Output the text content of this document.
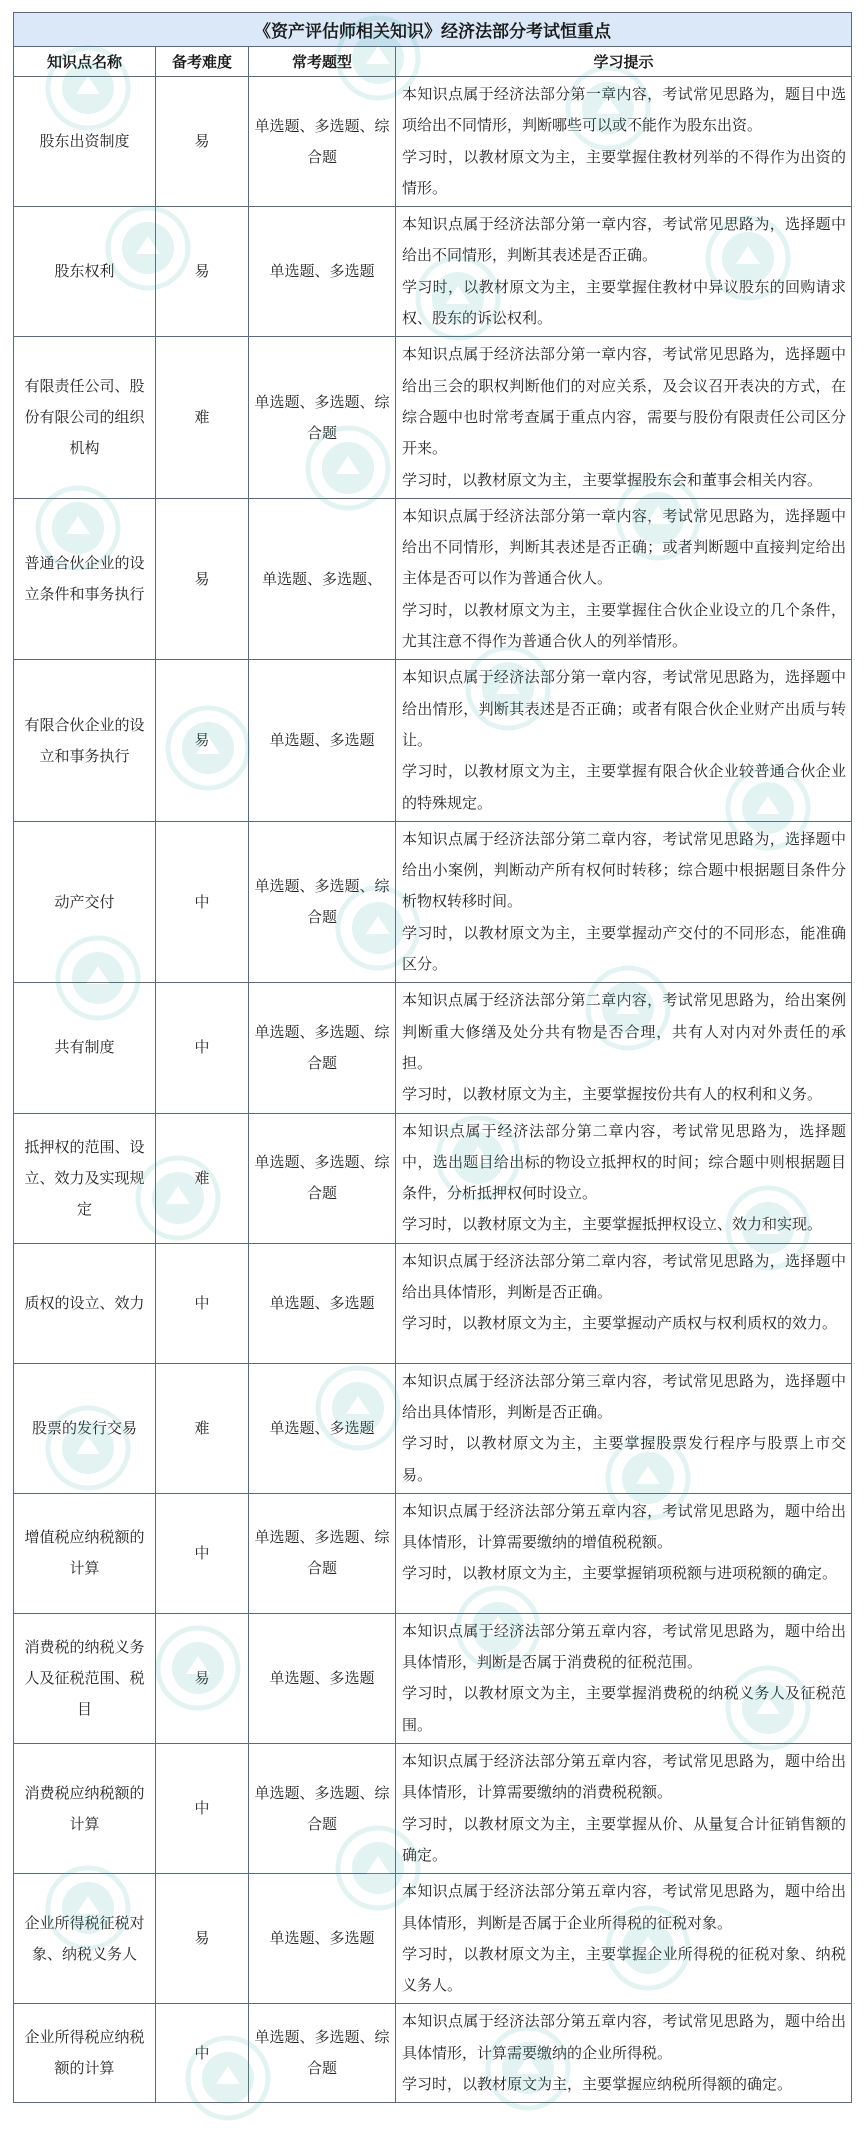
《资产评估师相关知识》经济法部分考试恒重点			
知识点名称	备考难度	常考题型	学习提示
股东出资制度	易	单选题、多选题、综合题	本知识点属于经济法部分第一章内容，考试常见思路为，题目中选项给出不同情形，判断哪些可以或不能作为股东出资。

学习时，以教材原文为主，主要掌握住教材列举的不得作为出资的情形。

股东权利	易	单选题、多选题	本知识点属于经济法部分第一章内容，考试常见思路为，选择题中给出不同情形，判断其表述是否正确。

学习时，以教材原文为主，主要掌握住教材中异议股东的回购请求权、股东的诉讼权利。

有限责任公司、股份有限公司的组织机构	难	单选题、多选题、综合题	本知识点属于经济法部分第一章内容，考试常见思路为，选择题中给出三会的职权判断他们的对应关系，及会议召开表决的方式，在综合题中也时常考查属于重点内容，需要与股份有限责任公司区分开来。

学习时，以教材原文为主，主要掌握股东会和董事会相关内容。

普通合伙企业的设立条件和事务执行	易	单选题、多选题、	本知识点属于经济法部分第一章内容，考试常见思路为，选择题中给出不同情形，判断其表述是否正确；或者判断题中直接判定给出主体是否可以作为普通合伙人。

学习时，以教材原文为主，主要掌握住合伙企业设立的几个条件，尤其注意不得作为普通合伙人的列举情形。

有限合伙企业的设立和事务执行	易	单选题、多选题	本知识点属于经济法部分第一章内容，考试常见思路为，选择题中给出情形，判断其表述是否正确；或者有限合伙企业财产出质与转让。

学习时，以教材原文为主，主要掌握有限合伙企业较普通合伙企业的特殊规定。

动产交付	中	单选题、多选题、综合题	本知识点属于经济法部分第二章内容，考试常见思路为，选择题中给出小案例，判断动产所有权何时转移；综合题中根据题目条件分析物权转移时间。

学习时，以教材原文为主，主要掌握动产交付的不同形态，能准确区分。

共有制度	中	单选题、多选题、综合题	本知识点属于经济法部分第二章内容，考试常见思路为，给出案例判断重大修缮及处分共有物是否合理，共有人对内对外责任的承担。

学习时，以教材原文为主，主要掌握按份共有人的权利和义务。

抵押权的范围、设立、效力及实现规定	难	单选题、多选题、综合题	本知识点属于经济法部分第二章内容，考试常见思路为，选择题中，选出题目给出标的物设立抵押权的时间；综合题中则根据题目条件，分析抵押权何时设立。

学习时，以教材原文为主，主要掌握抵押权设立、效力和实现。

质权的设立、效力	中	单选题、多选题	本知识点属于经济法部分第二章内容，考试常见思路为，选择题中给出具体情形，判断是否正确。

学习时，以教材原文为主，主要掌握动产质权与权利质权的效力。

股票的发行交易	难	单选题、多选题	本知识点属于经济法部分第三章内容，考试常见思路为，选择题中给出具体情形，判断是否正确。

学习时，以教材原文为主，主要掌握股票发行程序与股票上市交易。

增值税应纳税额的计算	中	单选题、多选题、综合题	本知识点属于经济法部分第五章内容，考试常见思路为，题中给出具体情形，计算需要缴纳的增值税税额。

学习时，以教材原文为主，主要掌握销项税额与进项税额的确定。

消费税的纳税义务人及征税范围、税目	易	单选题、多选题	本知识点属于经济法部分第五章内容，考试常见思路为，题中给出具体情形，判断是否属于消费税的征税范围。

学习时，以教材原文为主，主要掌握消费税的纳税义务人及征税范围。

消费税应纳税额的计算	中	单选题、多选题、综合题	本知识点属于经济法部分第五章内容，考试常见思路为，题中给出具体情形，计算需要缴纳的消费税税额。

学习时，以教材原文为主，主要掌握从价、从量复合计征销售额的确定。

企业所得税征税对象、纳税义务人	易	单选题、多选题	本知识点属于经济法部分第五章内容，考试常见思路为，题中给出具体情形，判断是否属于企业所得税的征税对象。

学习时，以教材原文为主，主要掌握企业所得税的征税对象、纳税义务人。

企业所得税应纳税额的计算	中	单选题、多选题、综合题	本知识点属于经济法部分第五章内容，考试常见思路为，题中给出具体情形，计算需要缴纳的企业所得税。

学习时，以教材原文为主，主要掌握应纳税所得额的确定。
